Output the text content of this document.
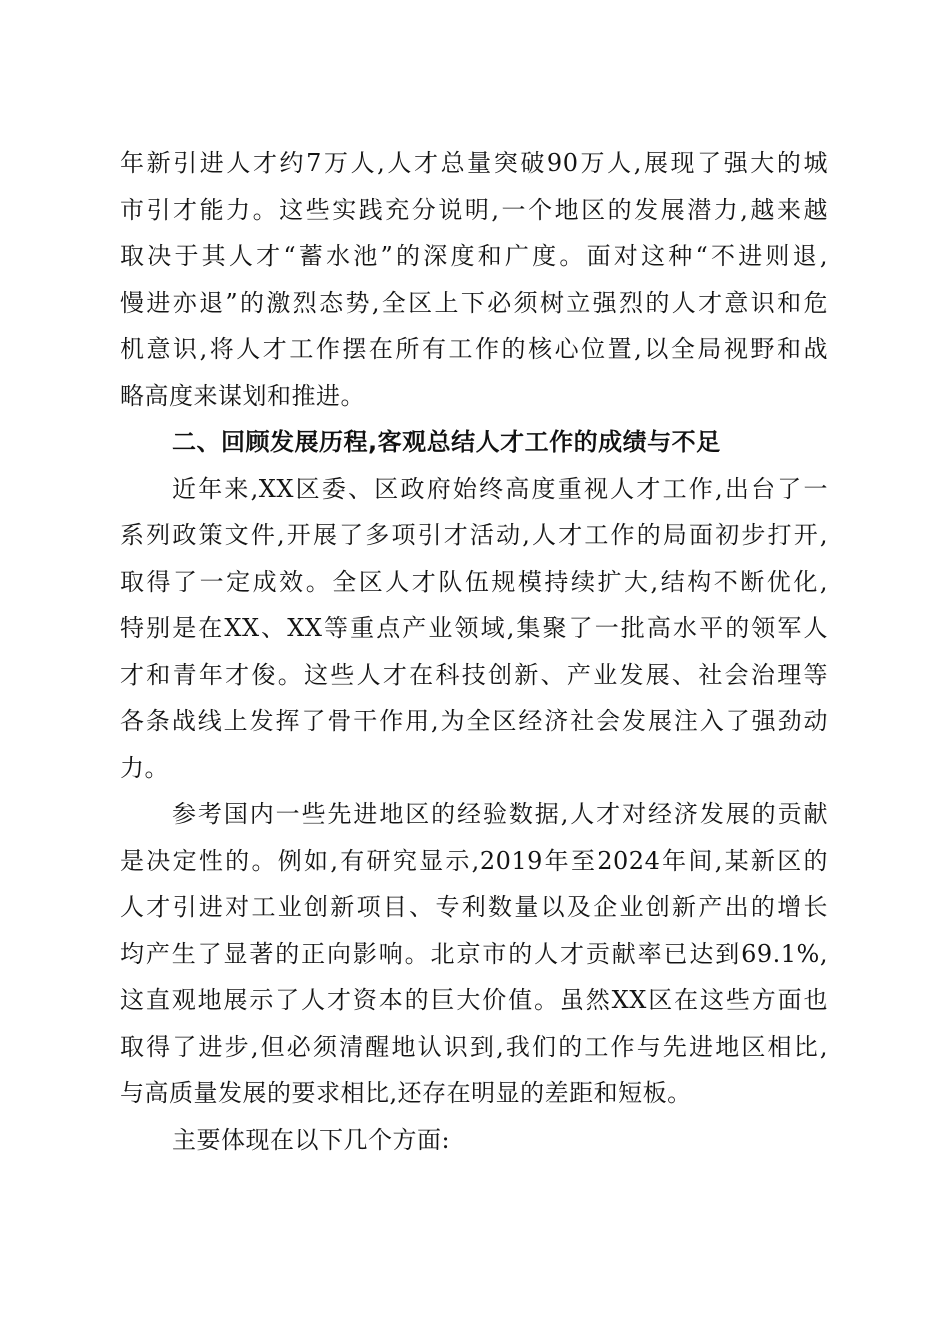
年新引进人才约7万人,人才总量突破90万人,展现了强大的城
市引才能力。这些实践充分说明,一个地区的发展潜力,越来越
取决于其人才“蓄水池”的深度和广度。面对这种“不进则退,
慢进亦退”的激烈态势,全区上下必须树立强烈的人才意识和危
机意识,将人才工作摆在所有工作的核心位置,以全局视野和战
略高度来谋划和推进。
二、回顾发展历程,客观总结人才工作的成绩与不足
近年来,XX区委、区政府始终高度重视人才工作,出台了一
系列政策文件,开展了多项引才活动,人才工作的局面初步打开,
取得了一定成效。全区人才队伍规模持续扩大,结构不断优化,
特别是在XX、XX等重点产业领域,集聚了一批高水平的领军人
才和青年才俊。这些人才在科技创新、产业发展、社会治理等
各条战线上发挥了骨干作用,为全区经济社会发展注入了强劲动
力。
参考国内一些先进地区的经验数据,人才对经济发展的贡献
是决定性的。例如,有研究显示,2019年至2024年间,某新区的
人才引进对工业创新项目、专利数量以及企业创新产出的增长
均产生了显著的正向影响。北京市的人才贡献率已达到69.1%,
这直观地展示了人才资本的巨大价值。虽然XX区在这些方面也
取得了进步,但必须清醒地认识到,我们的工作与先进地区相比,
与高质量发展的要求相比,还存在明显的差距和短板。
主要体现在以下几个方面:
